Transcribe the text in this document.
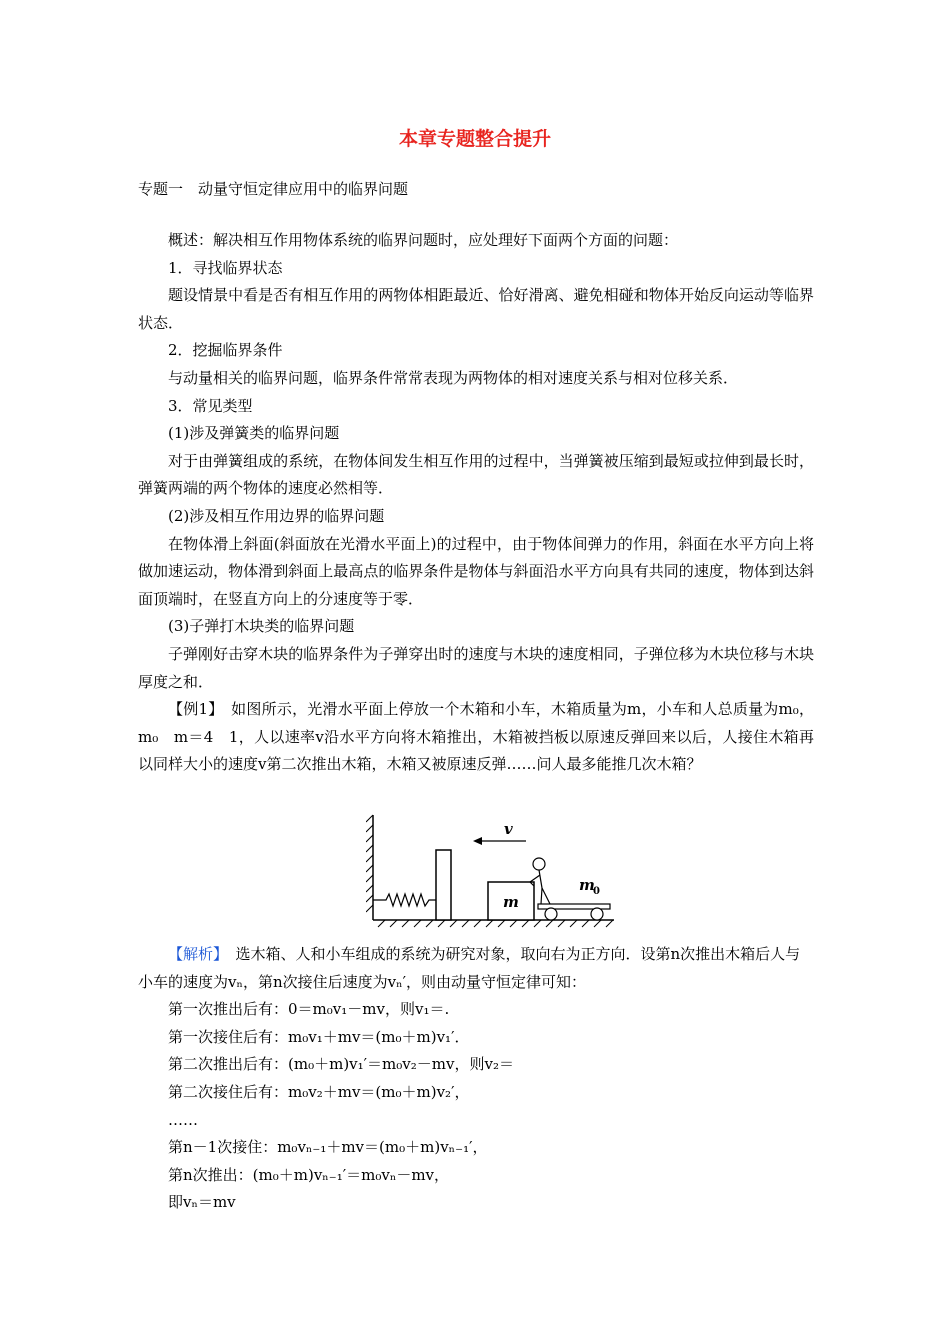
本章专题整合提升
专题一　动量守恒定律应用中的临界问题

概述：解决相互作用物体系统的临界问题时，应处理好下面两个方面的问题：

1．寻找临界状态

题设情景中看是否有相互作用的两物体相距最近、恰好滑离、避免相碰和物体开始反向运动等临界状态．

2．挖掘临界条件

与动量相关的临界问题，临界条件常常表现为两物体的相对速度关系与相对位移关系．

3．常见类型

(1)涉及弹簧类的临界问题

对于由弹簧组成的系统，在物体间发生相互作用的过程中，当弹簧被压缩到最短或拉伸到最长时，弹簧两端的两个物体的速度必然相等．

(2)涉及相互作用边界的临界问题

在物体滑上斜面(斜面放在光滑水平面上)的过程中，由于物体间弹力的作用，斜面在水平方向上将做加速运动，物体滑到斜面上最高点的临界条件是物体与斜面沿水平方向具有共同的速度，物体到达斜面顶端时，在竖直方向上的分速度等于零．

(3)子弹打木块类的临界问题

子弹刚好击穿木块的临界条件为子弹穿出时的速度与木块的速度相同，子弹位移为木块位移与木块厚度之和．

【例1】　如图所示，光滑水平面上停放一个木箱和小车，木箱质量为m，小车和人总质量为m₀，m₀　m＝4　1，人以速率v沿水平方向将木箱推出，木箱被挡板以原速反弹回来以后，人接住木箱再以同样大小的速度v第二次推出木箱，木箱又被原速反弹……问人最多能推几次木箱？

m
v
m
0

【解析】　选木箱、人和小车组成的系统为研究对象，取向右为正方向．设第n次推出木箱后人与小车的速度为vₙ，第n次接住后速度为vₙ′，则由动量守恒定律可知：

第一次推出后有：0＝m₀v₁－mv，则v₁＝.

第一次接住后有：m₀v₁＋mv＝(m₀＋m)v₁′．

第二次推出后有：(m₀＋m)v₁′＝m₀v₂－mv，则v₂＝

第二次接住后有：m₀v₂＋mv＝(m₀＋m)v₂′，

……

第n－1次接住：m₀vₙ₋₁＋mv＝(m₀＋m)vₙ₋₁′，

第n次推出：(m₀＋m)vₙ₋₁′＝m₀vₙ－mv，

即vₙ＝mv
